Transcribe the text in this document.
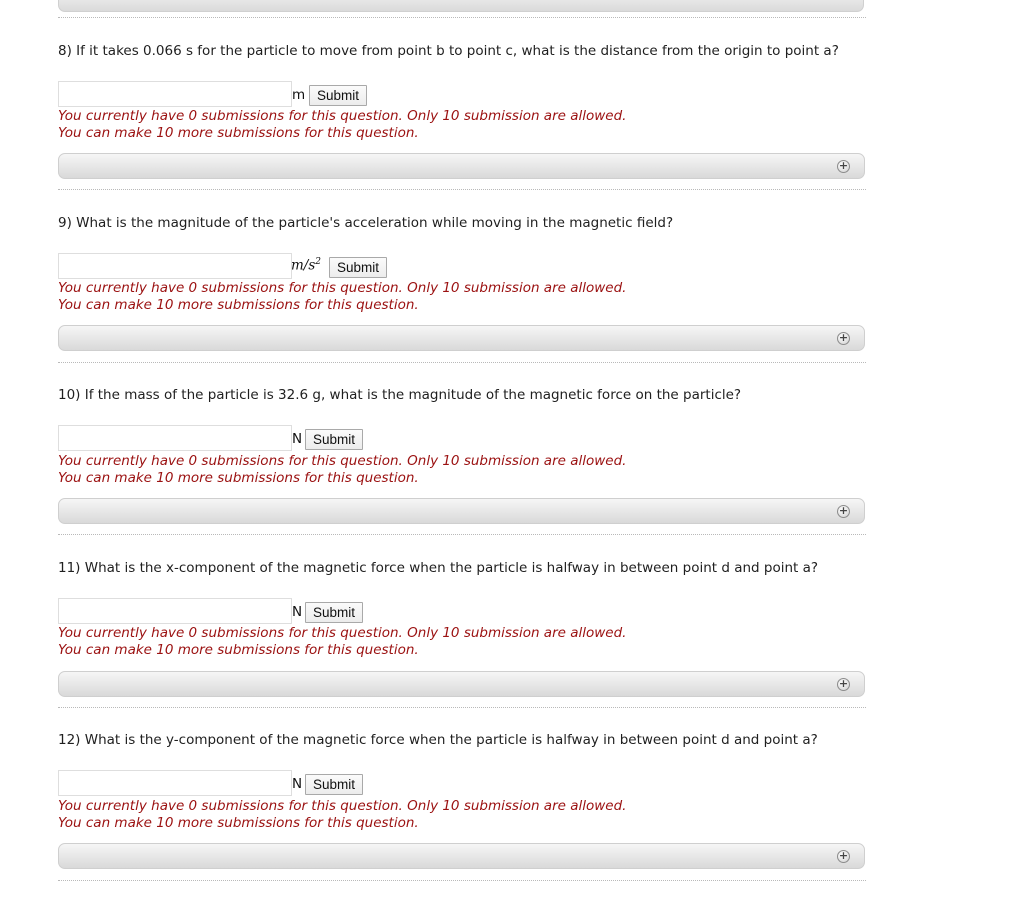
8) If it takes 0.066 s for the particle to move from point b to point c, what is the distance from the origin to point a?
m Submit
You currently have 0 submissions for this question. Only 10 submission are allowed.
You can make 10 more submissions for this question.
+
9) What is the magnitude of the particle's acceleration while moving in the magnetic field?
$m/s^2$	Submit
You currently have 0 submissions for this question. Only 10 submission are allowed.
You can make 10 more submissions for this question.
+
10) If the mass of the particle is 32.6 g, what is the magnitude of the magnetic force on the particle?
N Submit
You currently have 0 submissions for this question. Only 10 submission are allowed.
You can make 10 more submissions for this question.
+
11) What is the x-component of the magnetic force when the particle is halfway in between point d and point a?
N Submit
You currently have 0 submissions for this question. Only 10 submission are allowed.
You can make 10 more submissions for this question.
+
12) What is the y-component of the magnetic force when the particle is halfway in between point d and point a?
N Submit
You currently have 0 submissions for this question. Only 10 submission are allowed.
You can make 10 more submissions for this question.
+
